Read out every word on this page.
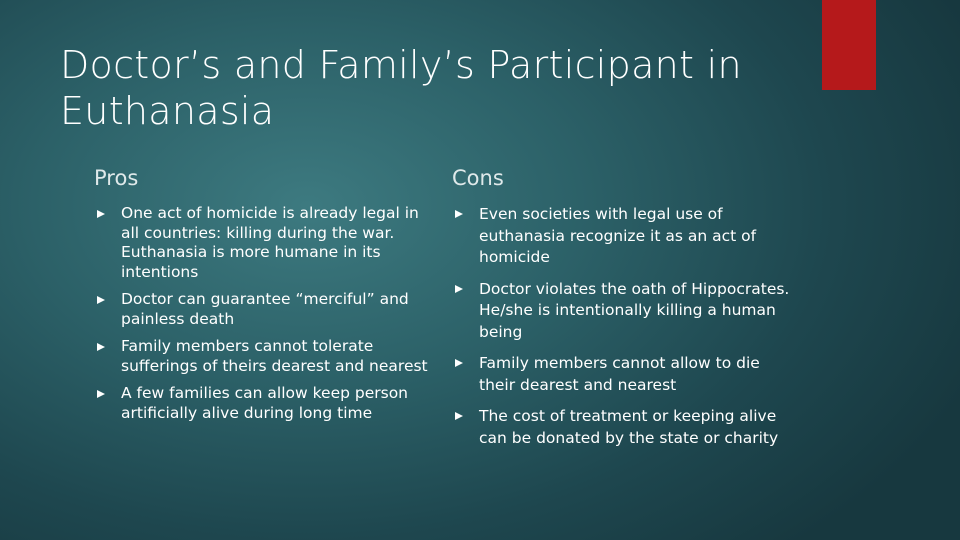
Doctor’s and Family’s Participant in Euthanasia
Pros
One act of homicide is already legal in all countries: killing during the war. Euthanasia is more humane in its intentions
Doctor can guarantee “merciful” and painless death
Family members cannot tolerate sufferings of theirs dearest and nearest
A few families can allow keep person artificially alive during long time
Cons
Even societies with legal use of euthanasia recognize it as an act of homicide
Doctor violates the oath of Hippocrates. He/she is intentionally killing a human being
Family members cannot allow to die their dearest and nearest
The cost of treatment or keeping alive can be donated by the state or charity
